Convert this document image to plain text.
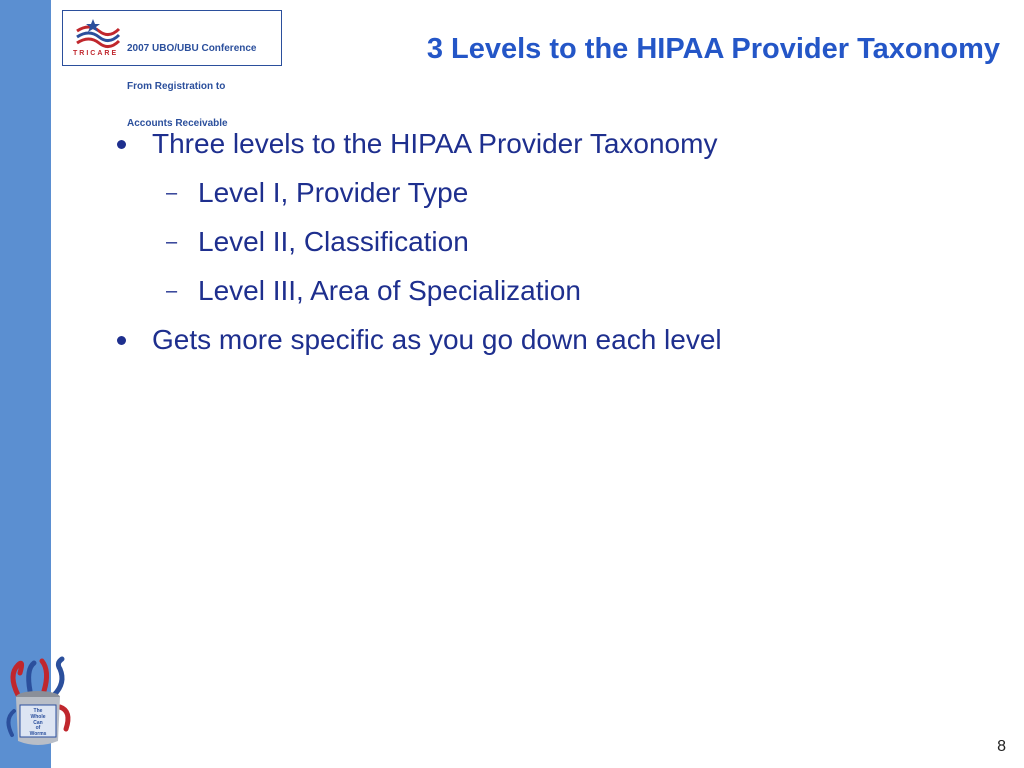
TRICARE

2007 UBO/UBU Conference

From Registration to

Accounts Receivable

3 Levels to the HIPAA Provider Taxonomy
Three levels to the HIPAA Provider Taxonomy
– Level I, Provider Type
– Level II, Classification
– Level III, Area of Specialization
Gets more specific as you go down each level
The
Whole
Can
of
Worms
8
